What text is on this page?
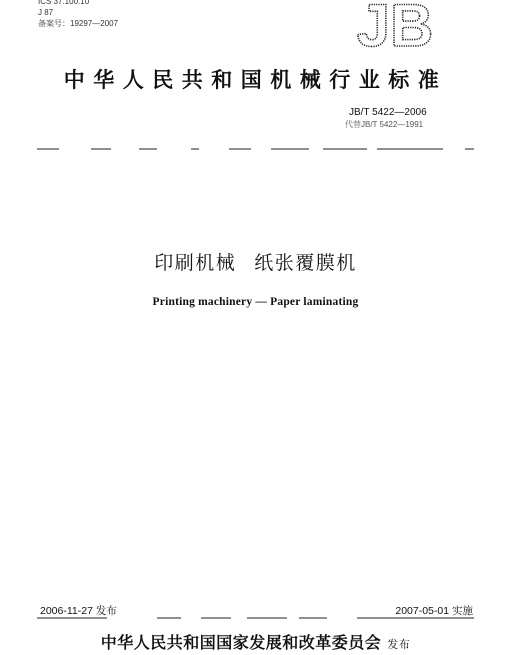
ICS 37.100.10
J 87
备案号：19297—2007	JB
中华人民共和国机械行业标准
JB/T 5422—2006
代替JB/T 5422—1991
印刷机械 纸张覆膜机
Printing machinery — Paper laminating
2006-11-27 发布	2007-05-01 实施
中华人民共和国国家发展和改革委员会 发布
